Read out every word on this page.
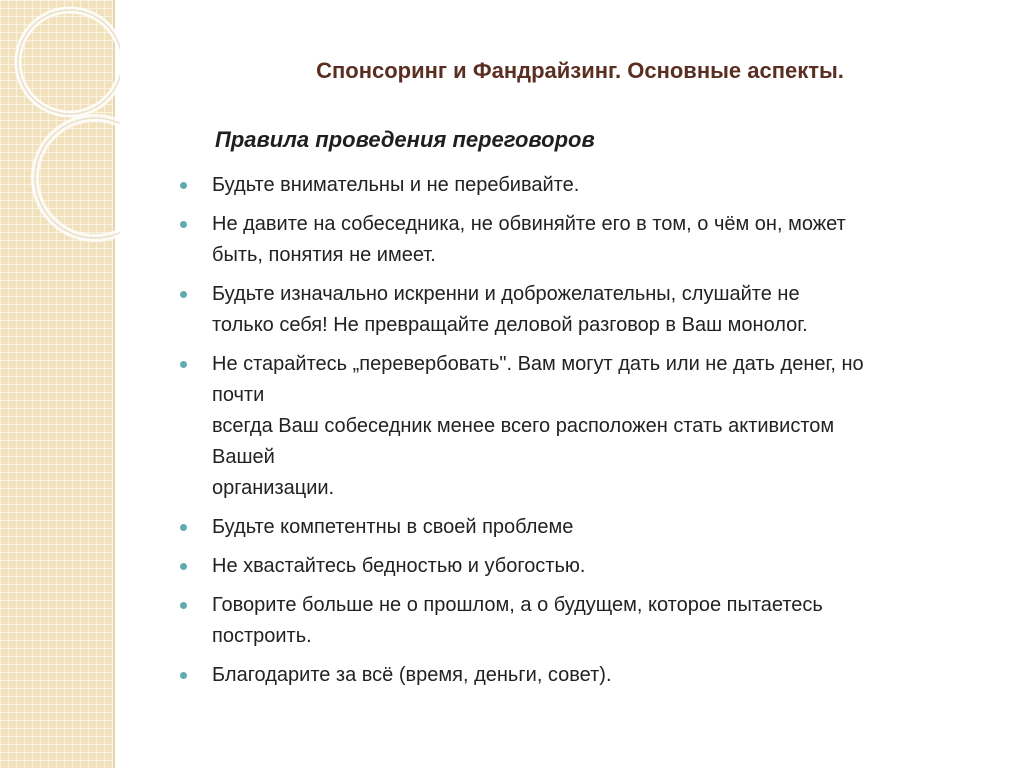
Спонсоринг и Фандрайзинг. Основные аспекты.
Правила проведения переговоров
Будьте внимательны и не перебивайте.
Не давите на собеседника, не обвиняйте его в том, о чём он, может
быть, понятия не имеет.
Будьте изначально искренни и доброжелательны, слушайте не
только себя! Не превращайте деловой разговор в Ваш монолог.
Не старайтесь „перевербовать". Вам могут дать или не дать денег, но
почти
всегда Ваш собеседник менее всего расположен стать активистом
Вашей
организации.
Будьте компетентны в своей проблеме
Не хвастайтесь бедностью и убогостью.
Говорите больше не о прошлом, а о будущем, которое пытаетесь
построить.
Благодарите за всё (время, деньги, совет).
